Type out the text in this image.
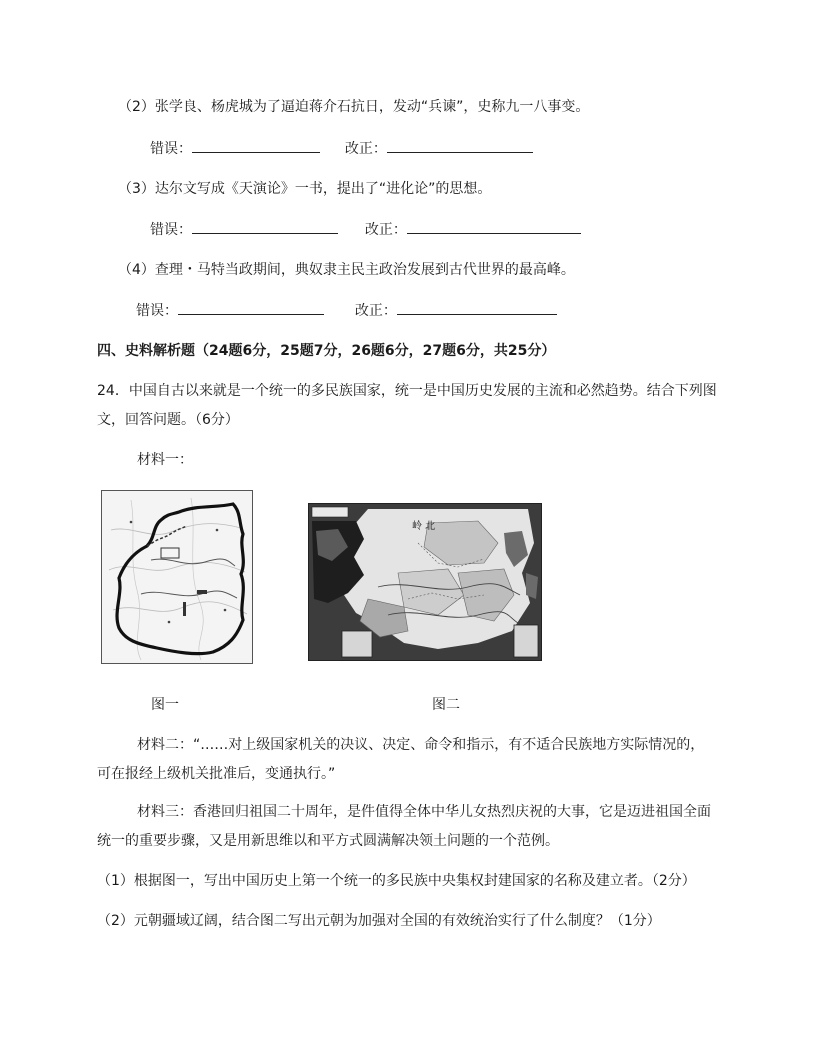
（2）张学良、杨虎城为了逼迫蒋介石抗日，发动“兵谏”，史称九一八事变。
错误：	改正：
（3）达尔文写成《天演论》一书，提出了“进化论”的思想。
错误：	改正：
（4）查理・马特当政期间，典奴隶主民主政治发展到古代世界的最高峰。
错误：	改正：
四、史料解析题（24题6分，25题7分，26题6分，27题6分，共25分）
24．中国自古以来就是一个统一的多民族国家，统一是中国历史发展的主流和必然趋势。结合下列图
文，回答问题。（6分）
材料一：
岭 北
图一	图二
材料二：“……对上级国家机关的决议、决定、命令和指示，有不适合民族地方实际情况的，
可在报经上级机关批准后，变通执行。”
材料三：香港回归祖国二十周年，是件值得全体中华儿女热烈庆祝的大事，它是迈进祖国全面
统一的重要步骤，又是用新思维以和平方式圆满解决领土问题的一个范例。
（1）根据图一，写出中国历史上第一个统一的多民族中央集权封建国家的名称及建立者。（2分）
（2）元朝疆域辽阔，结合图二写出元朝为加强对全国的有效统治实行了什么制度？（1分）
